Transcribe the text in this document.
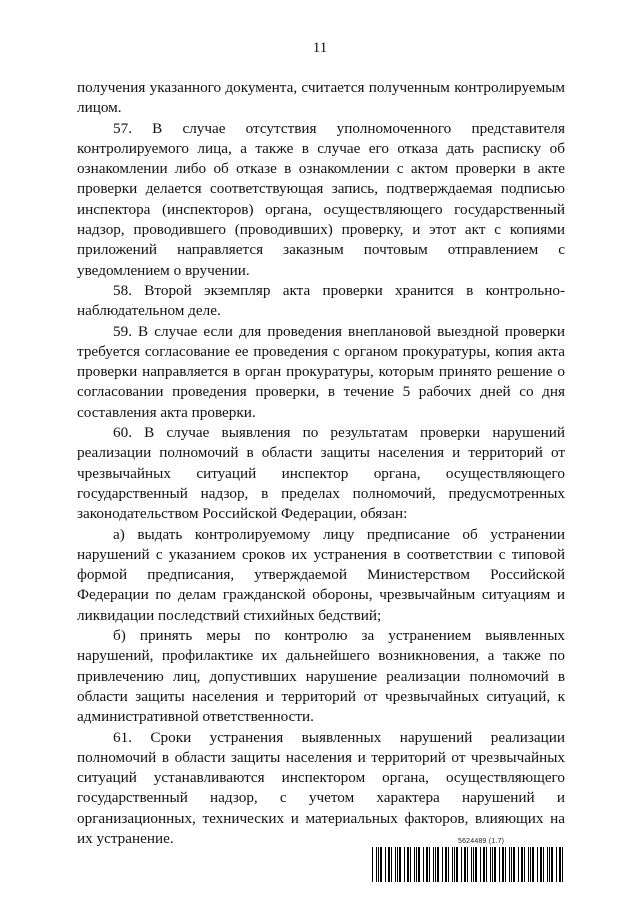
11

получения указанного документа, считается полученным контролируемым лицом.

57. В случае отсутствия уполномоченного представителя контролируемого лица, а также в случае его отказа дать расписку об ознакомлении либо об отказе в ознакомлении с актом проверки в акте проверки делается соответствующая запись, подтверждаемая подписью инспектора (инспекторов) органа, осуществляющего государственный надзор, проводившего (проводивших) проверку, и этот акт с копиями приложений направляется заказным почтовым отправлением с уведомлением о вручении.

58. Второй экземпляр акта проверки хранится в контрольно-наблюдательном деле.

59. В случае если для проведения внеплановой выездной проверки требуется согласование ее проведения с органом прокуратуры, копия акта проверки направляется в орган прокуратуры, которым принято решение о согласовании проведения проверки, в течение 5 рабочих дней со дня составления акта проверки.

60. В случае выявления по результатам проверки нарушений реализации полномочий в области защиты населения и территорий от чрезвычайных ситуаций инспектор органа, осуществляющего государственный надзор, в пределах полномочий, предусмотренных законодательством Российской Федерации, обязан:

а) выдать контролируемому лицу предписание об устранении нарушений с указанием сроков их устранения в соответствии с типовой формой предписания, утверждаемой Министерством Российской Федерации по делам гражданской обороны, чрезвычайным ситуациям и ликвидации последствий стихийных бедствий;

б) принять меры по контролю за устранением выявленных нарушений, профилактике их дальнейшего возникновения, а также по привлечению лиц, допустивших нарушение реализации полномочий в области защиты населения и территорий от чрезвычайных ситуаций, к административной ответственности.

61. Сроки устранения выявленных нарушений реализации полномочий в области защиты населения и территорий от чрезвычайных ситуаций устанавливаются инспектором органа, осуществляющего государственный надзор, с учетом характера нарушений и организационных, технических и материальных факторов, влияющих на их устранение.	5624489 (1.7)
